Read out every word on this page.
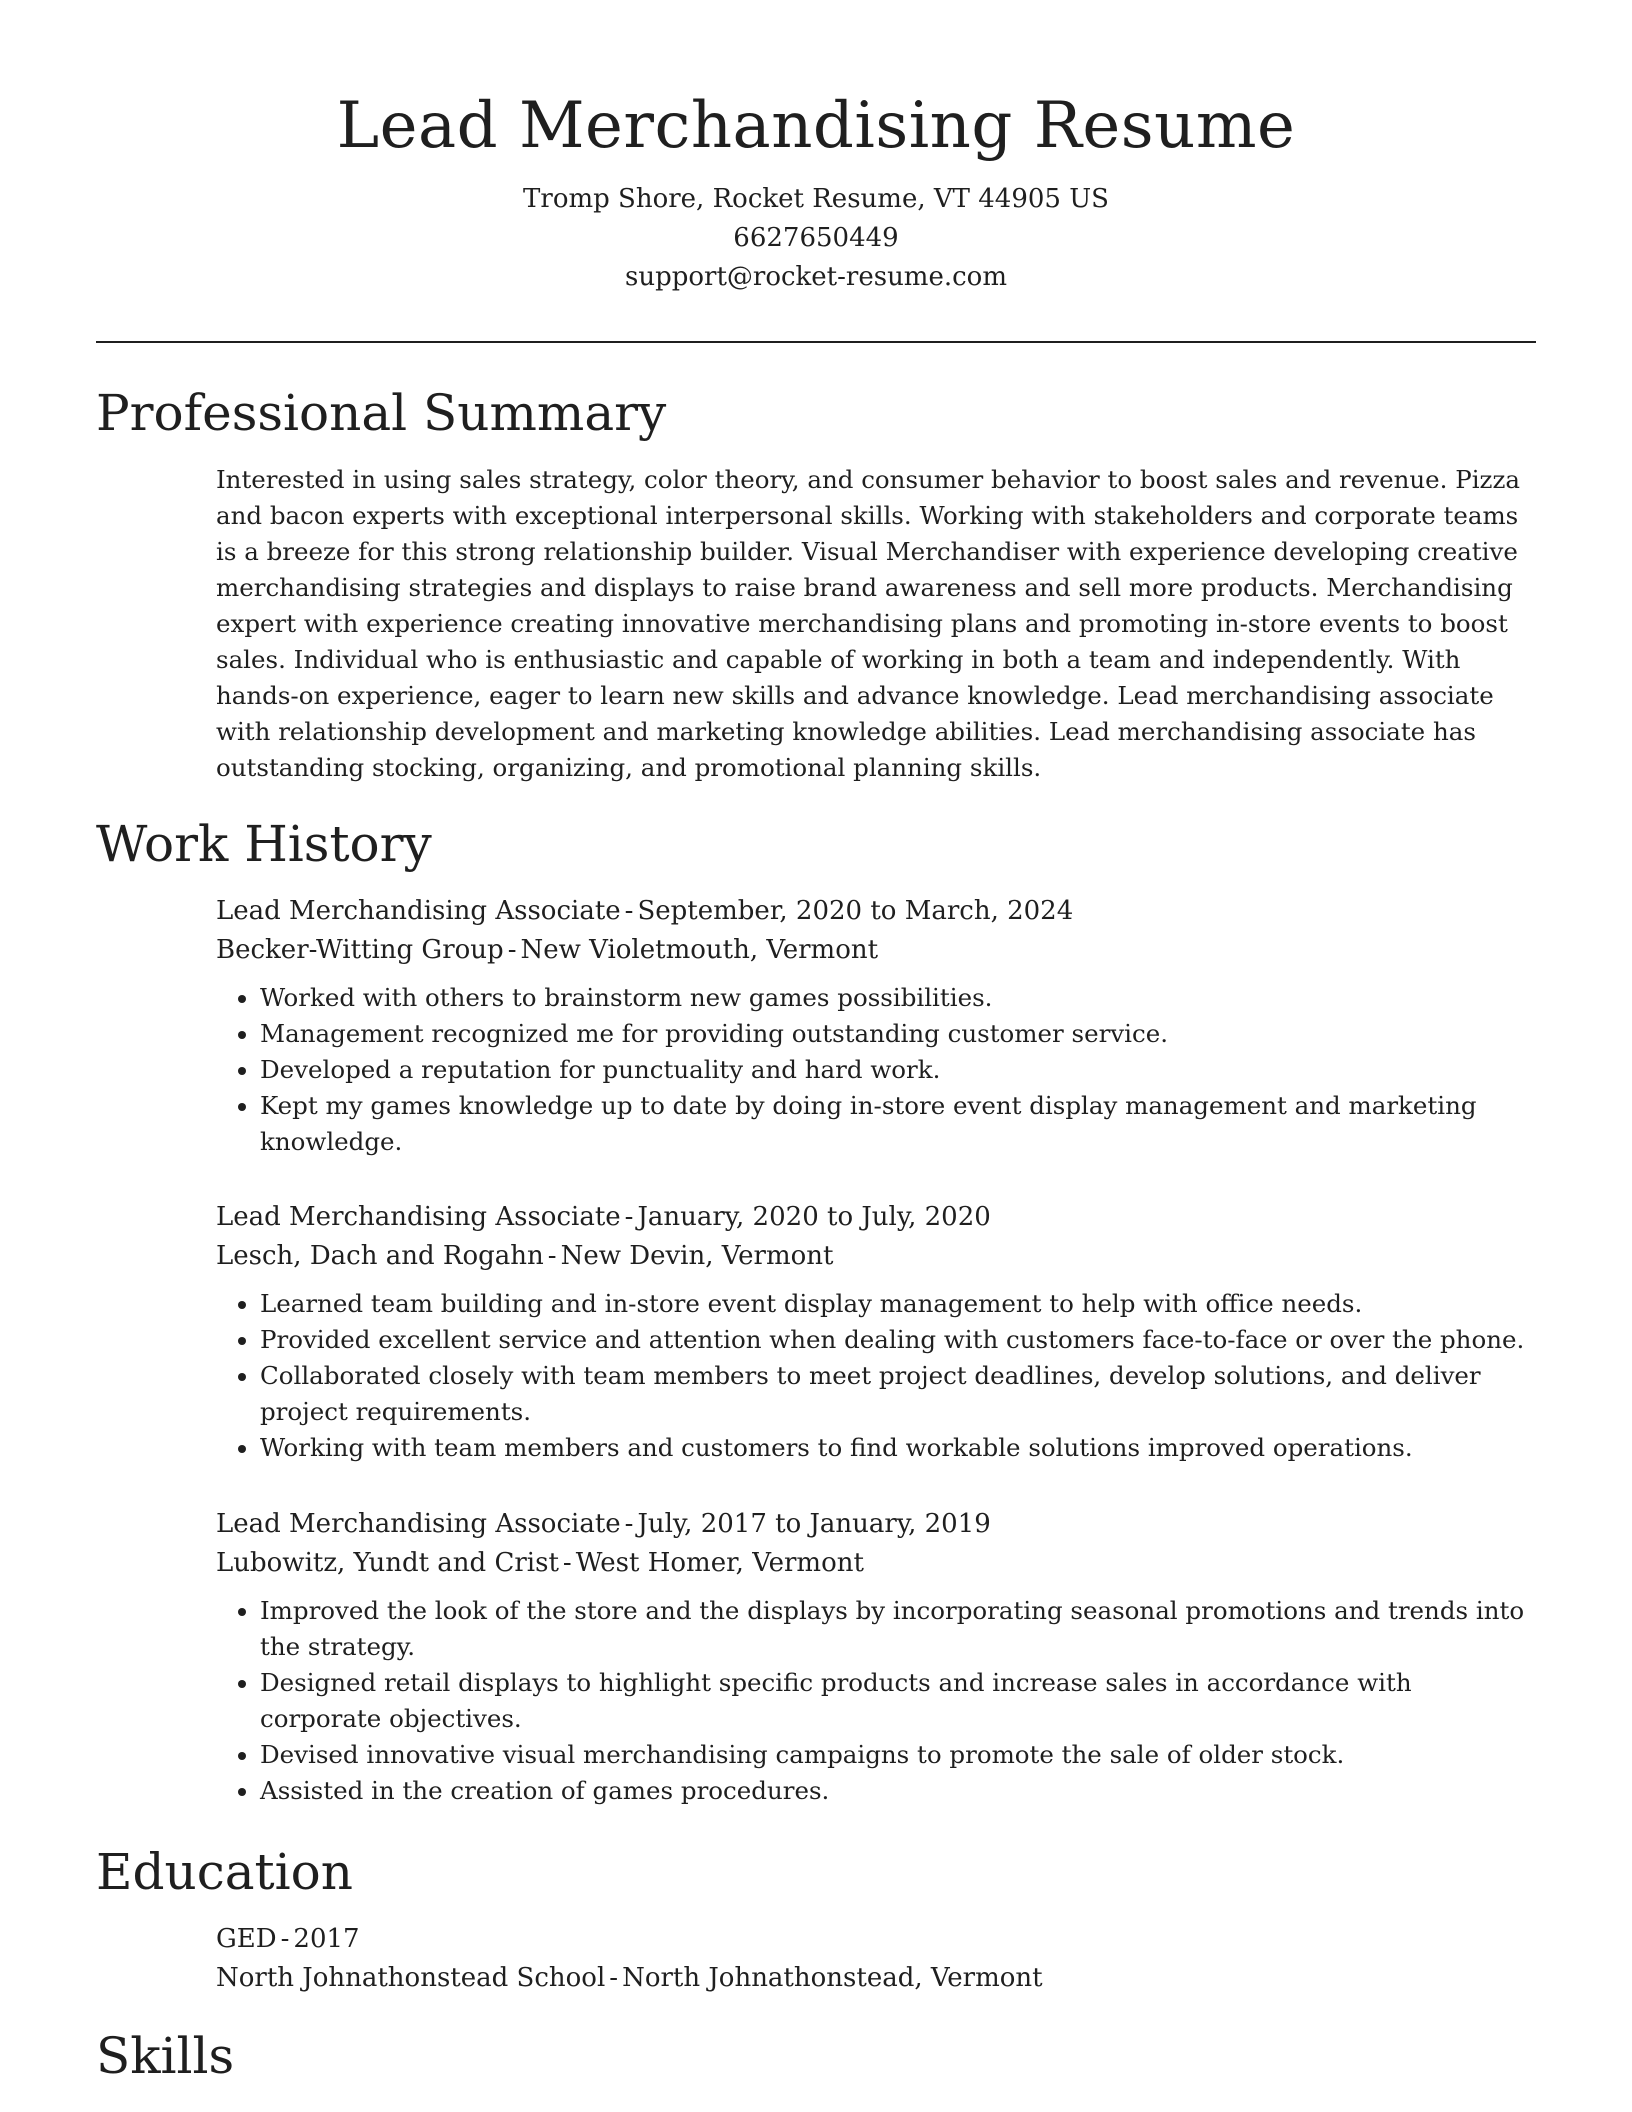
Lead Merchandising Resume
Tromp Shore, Rocket Resume, VT 44905 US
6627650449
support@rocket-resume.com
Professional Summary
Interested in using sales strategy, color theory, and consumer behavior to boost sales and revenue. Pizza and bacon experts with exceptional interpersonal skills. Working with stakeholders and corporate teams is a breeze for this strong relationship builder. Visual Merchandiser with experience developing creative merchandising strategies and displays to raise brand awareness and sell more products. Merchandising expert with experience creating innovative merchandising plans and promoting in-store events to boost sales. Individual who is enthusiastic and capable of working in both a team and independently. With hands-on experience, eager to learn new skills and advance knowledge. Lead merchandising associate with relationship development and marketing knowledge abilities. Lead merchandising associate has outstanding stocking, organizing, and promotional planning skills.
Work History
Lead Merchandising Associate - September, 2020 to March, 2024
Becker-Witting Group - New Violetmouth, Vermont
• Worked with others to brainstorm new games possibilities.
• Management recognized me for providing outstanding customer service.
• Developed a reputation for punctuality and hard work.
• Kept my games knowledge up to date by doing in-store event display management and marketing knowledge.
Lead Merchandising Associate - January, 2020 to July, 2020
Lesch, Dach and Rogahn - New Devin, Vermont
• Learned team building and in-store event display management to help with office needs.
• Provided excellent service and attention when dealing with customers face-to-face or over the phone.
• Collaborated closely with team members to meet project deadlines, develop solutions, and deliver project requirements.
• Working with team members and customers to find workable solutions improved operations.
Lead Merchandising Associate - July, 2017 to January, 2019
Lubowitz, Yundt and Crist - West Homer, Vermont
• Improved the look of the store and the displays by incorporating seasonal promotions and trends into the strategy.
• Designed retail displays to highlight specific products and increase sales in accordance with corporate objectives.
• Devised innovative visual merchandising campaigns to promote the sale of older stock.
• Assisted in the creation of games procedures.
Education
GED - 2017
North Johnathonstead School - North Johnathonstead, Vermont
Skills
